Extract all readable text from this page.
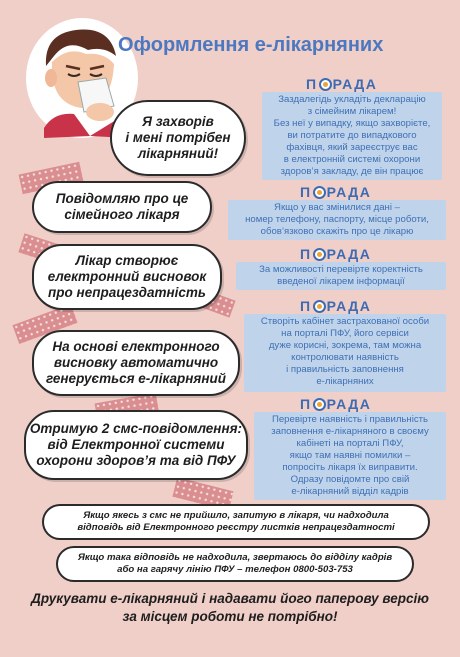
Оформлення е-лікарняних
Я захворів
і мені потрібен
лікарняний!
Повідомляю про це
сімейного лікаря
Лікар створює
електронний висновок
про непрацездатність
На основі електронного
висновку автоматично
генерується е-лікарняний
Отримую 2 смс-повідомлення:
від Електронної системи
охорони здоров’я та від ПФУ
П РАДА
Заздалегідь укладіть декларацію
з сімейним лікарем!
Без неї у випадку, якщо захворієте,
ви потратите до випадкового
фахівця, який зареєструє вас
в електронній системі охорони
здоров’я закладу, де він працює
П РАДА
Якщо у вас змінилися дані –
номер телефону, паспорту, місце роботи,
обов’язково скажіть про це лікарю
П РАДА
За можливості перевірте коректність
введеної лікарем інформації
П РАДА
Створіть кабінет застрахованої особи
на порталі ПФУ, його сервіси
дуже корисні, зокрема, там можна
контролювати наявність
і правильність заповнення
е-лікарняних
П РАДА
Перевірте наявність і правильність
заповнення е-лікарняного в своєму
кабінеті на порталі ПФУ,
якщо там наявні помилки –
попросіть лікаря їх виправити.
Одразу повідомте про свій
е-лікарняний відділ кадрів
Якщо якесь з смс не прийшло, запитую в лікаря, чи надходила
відповідь від Електронного реєстру листків непрацездатності
Якщо така відповідь не надходила, звертаюсь до відділу кадрів
або на гарячу лінію ПФУ – телефон 0800-503-753
Друкувати е-лікарняний і надавати його паперову версію
за місцем роботи не потрібно!
